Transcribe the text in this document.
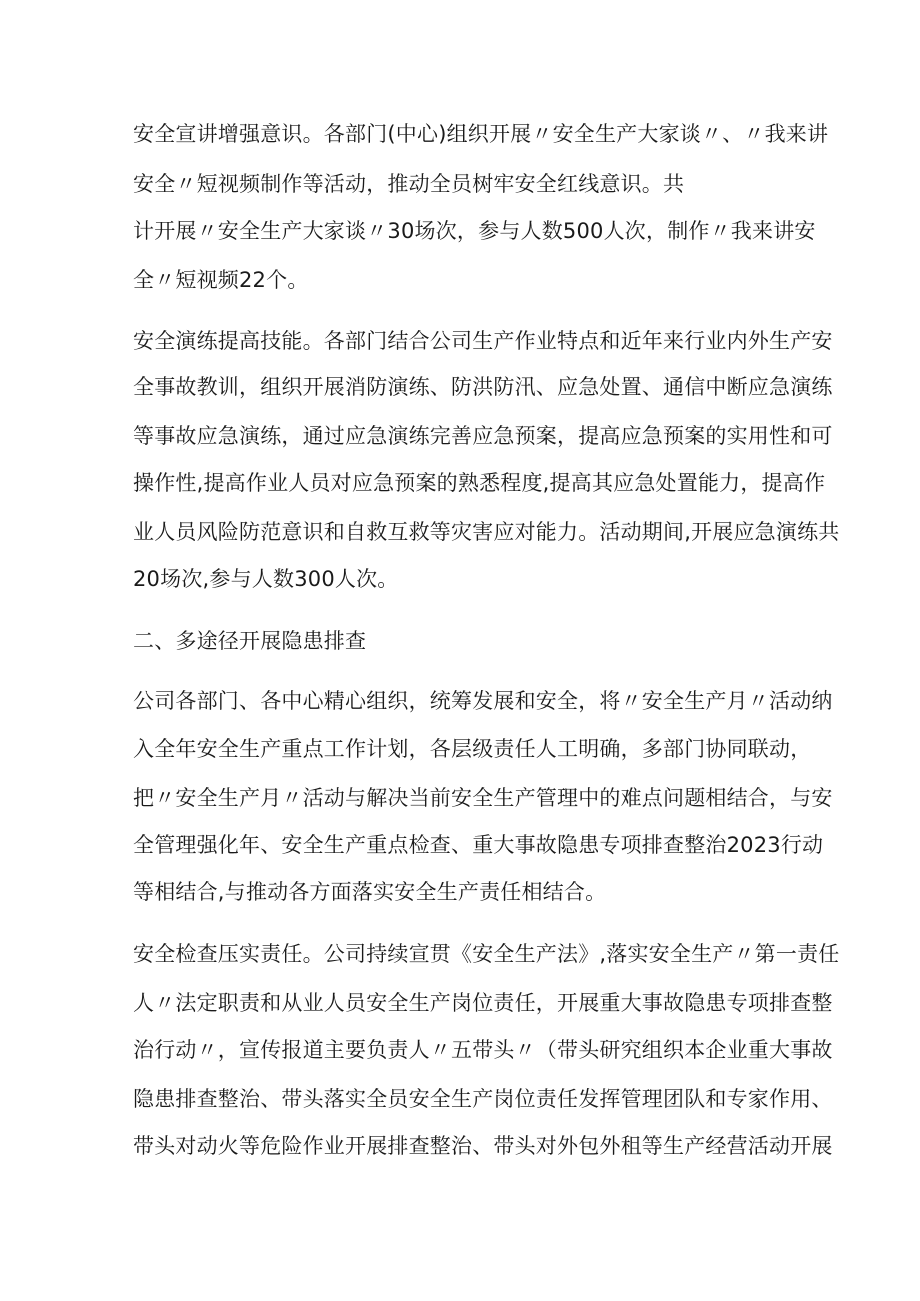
安全宣讲增强意识。各部门(中心)组织开展〃安全生产大家谈〃、〃我来讲
安全〃短视频制作等活动，推动全员树牢安全红线意识。共
计开展〃安全生产大家谈〃30场次，参与人数500人次，制作〃我来讲安
全〃短视频22个。
安全演练提高技能。各部门结合公司生产作业特点和近年来行业内外生产安
全事故教训，组织开展消防演练、防洪防汛、应急处置、通信中断应急演练
等事故应急演练，通过应急演练完善应急预案，提高应急预案的实用性和可
操作性,提高作业人员对应急预案的熟悉程度,提高其应急处置能力，提高作
业人员风险防范意识和自救互救等灾害应对能力。活动期间,开展应急演练共
20场次,参与人数300人次。
二、多途径开展隐患排查
公司各部门、各中心精心组织，统筹发展和安全，将〃安全生产月〃活动纳
入全年安全生产重点工作计划，各层级责任人工明确，多部门协同联动，
把〃安全生产月〃活动与解决当前安全生产管理中的难点问题相结合，与安
全管理强化年、安全生产重点检查、重大事故隐患专项排查整治2023行动
等相结合,与推动各方面落实安全生产责任相结合。
安全检查压实责任。公司持续宣贯《安全生产法》,落实安全生产〃第一责任
人〃法定职责和从业人员安全生产岗位责任，开展重大事故隐患专项排查整
治行动〃，宣传报道主要负责人〃五带头〃（带头研究组织本企业重大事故
隐患排查整治、带头落实全员安全生产岗位责任发挥管理团队和专家作用、
带头对动火等危险作业开展排查整治、带头对外包外租等生产经营活动开展
